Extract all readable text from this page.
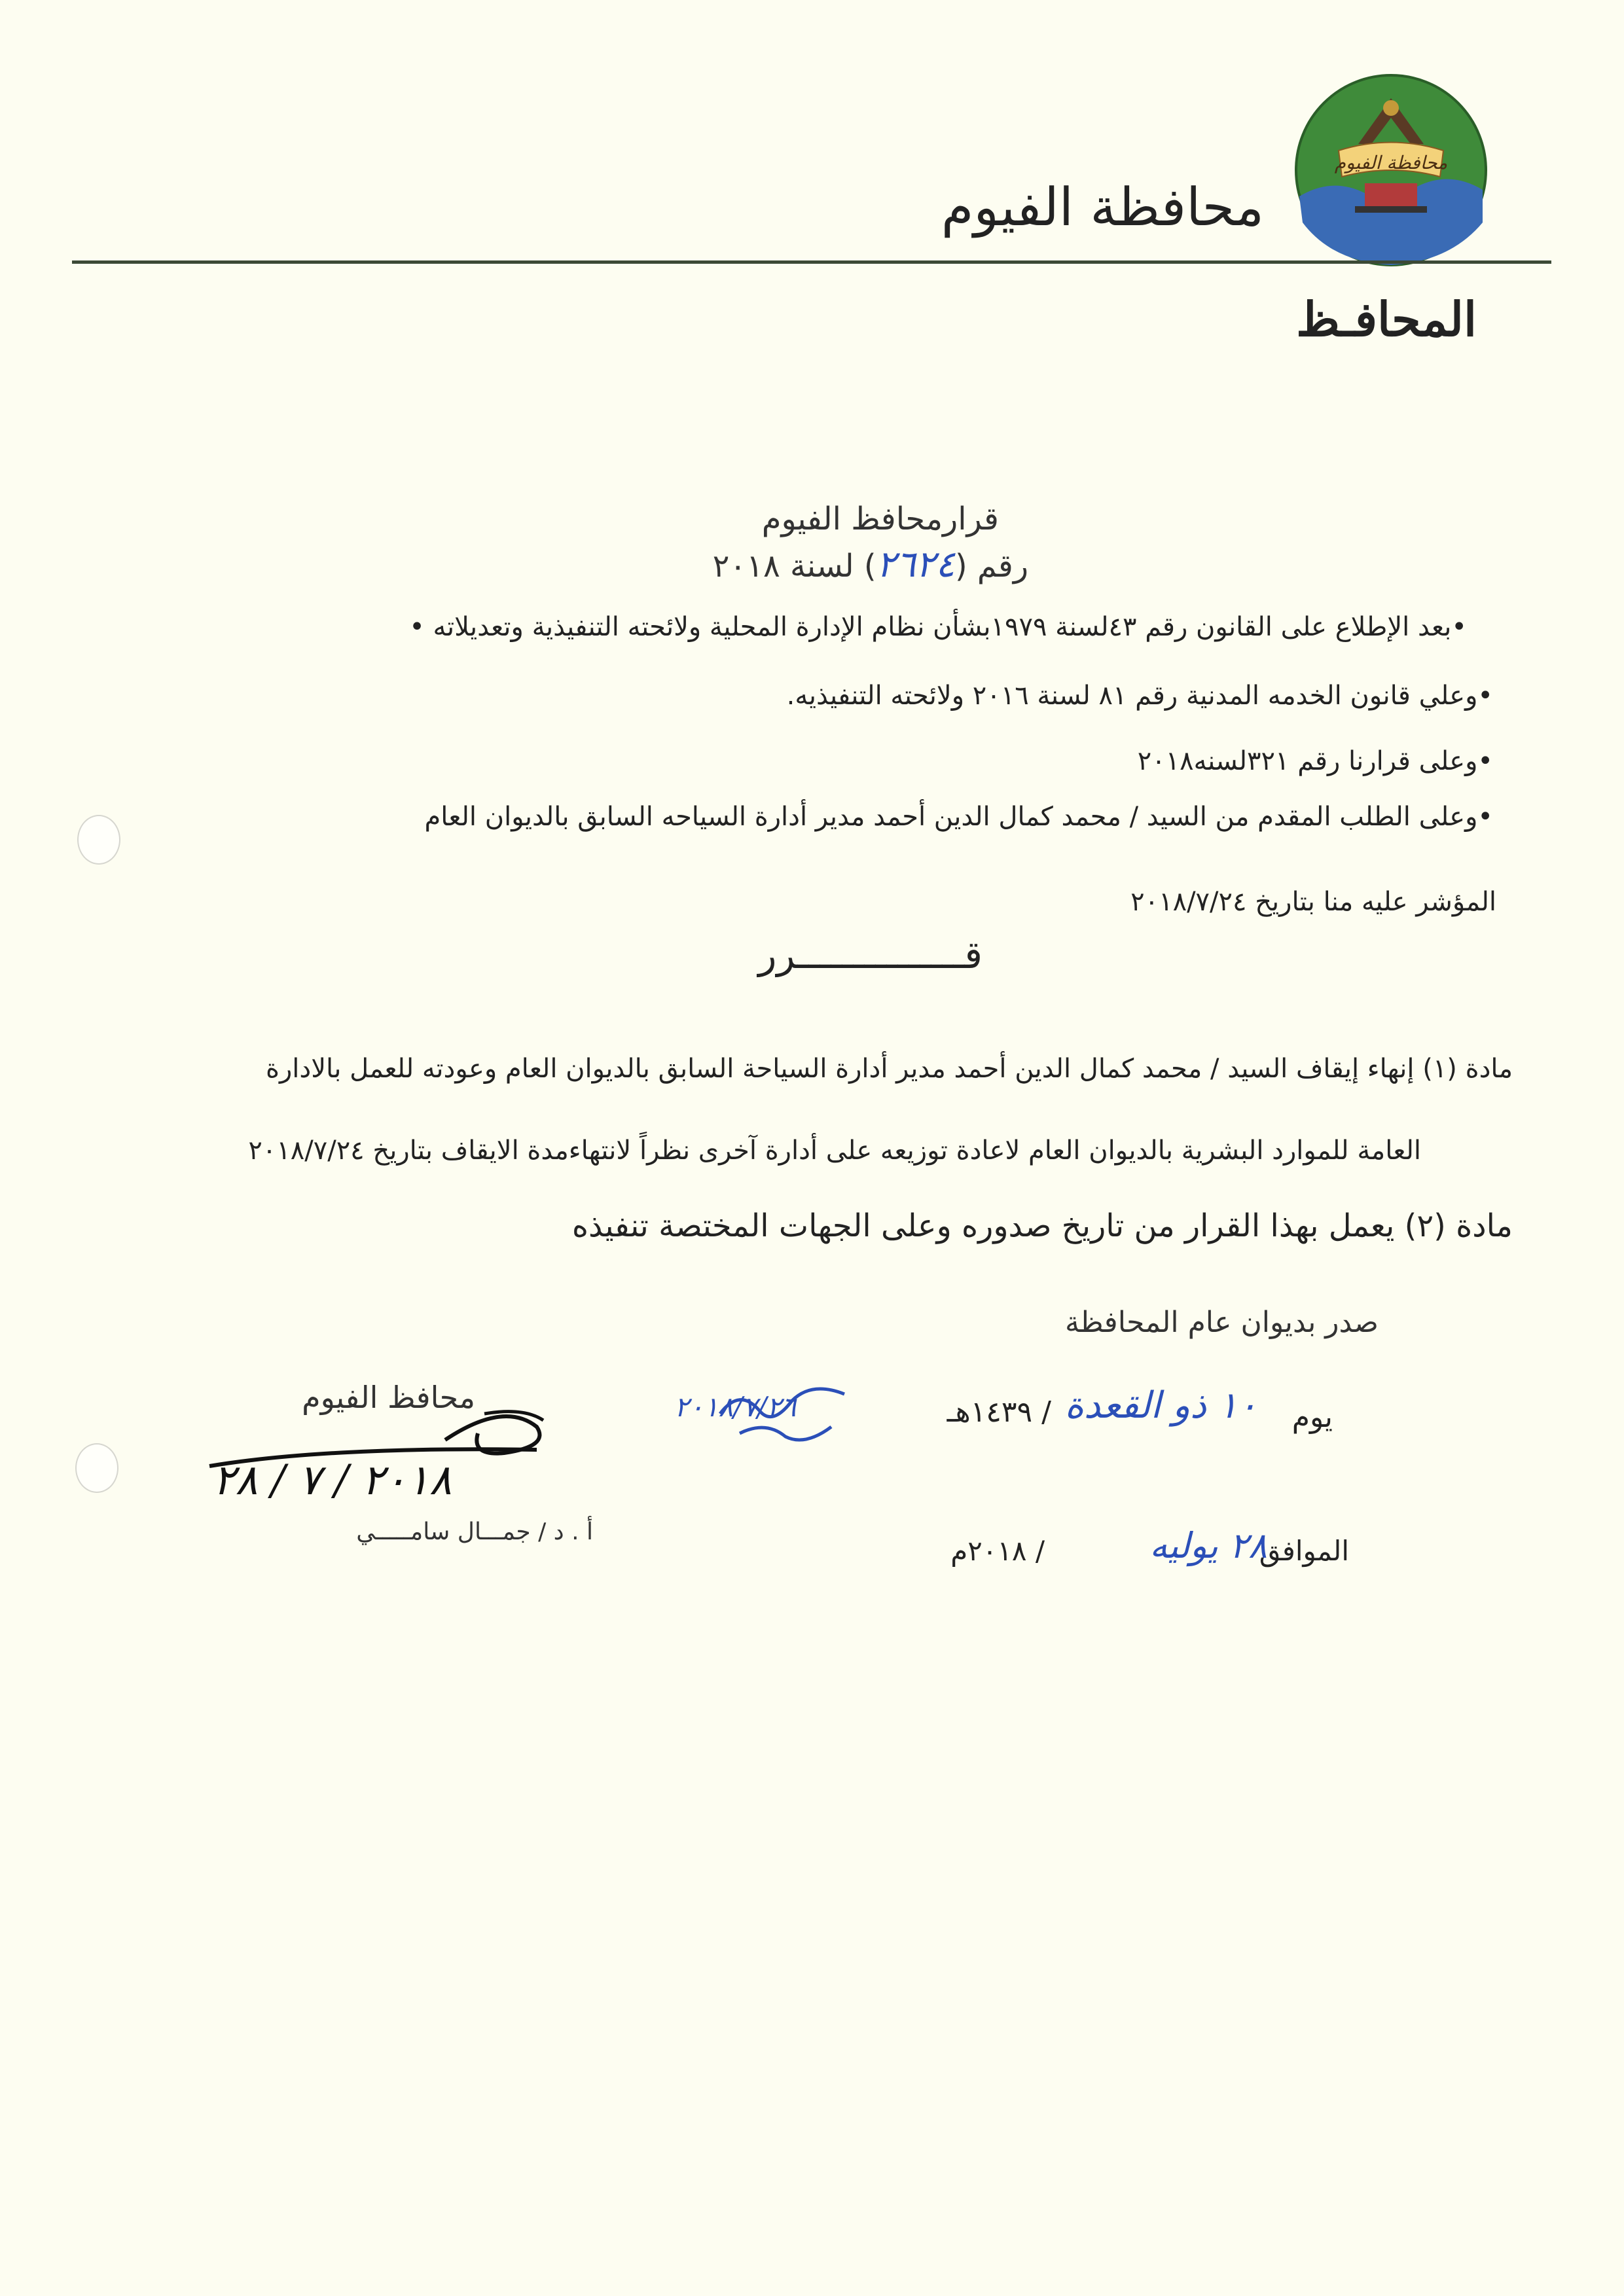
محافظة الفيوم
محافظة الفيوم
المحافـظ
قرارمحافظ الفيوم
رقم (٢٦٢٤) لسنة ٢٠١٨
•بعد الإطلاع على القانون رقم ٤٣لسنة ١٩٧٩بشأن نظام الإدارة المحلية ولائحته التنفيذية وتعديلاته •
•وعلي قانون الخدمه المدنية رقم ٨١ لسنة ٢٠١٦ ولائحته التنفيذيه.
•وعلى قرارنا رقم ٣٢١لسنه٢٠١٨
•وعلى الطلب المقدم من السيد / محمد كمال الدين أحمد مدير أدارة السياحه السابق بالديوان العام
المؤشر عليه منا بتاريخ ٢٠١٨/٧/٢٤
قـــــــــــــــرر
مادة (١) إنهاء إيقاف السيد / محمد كمال الدين أحمد مدير أدارة السياحة السابق بالديوان العام وعودته للعمل بالادارة
العامة للموارد البشرية بالديوان العام لاعادة توزيعه على أدارة آخرى نظراً لانتهاءمدة الايقاف بتاريخ ٢٠١٨/٧/٢٤
مادة (٢) يعمل بهذا القرار من تاريخ صدوره وعلى الجهات المختصة تنفيذه
صدر بديوان عام المحافظة
يوم
١٠ ذو القعدة
/ ١٤٣٩هـ
الموافق
٢٨ يوليه
/ ٢٠١٨م
٢٠١٨/٧/٢٦
محافظ الفيوم
٢٠١٨ / ٧ / ٢٨
أ . د / جمـــال سامـــــي
